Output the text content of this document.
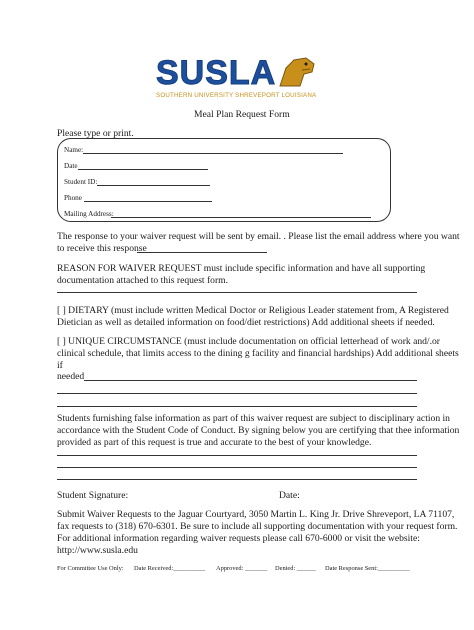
SUSLA
SOUTHERN UNIVERSITY SHREVEPORT LOUISIANA
Meal Plan Request Form
Please type or print.
Name:
Date
Student ID:
Phone
Mailing Address:
The response to your waiver request will be sent by email. . Please list the email address where you want
to receive this response
REASON FOR WAIVER REQUEST must include specific information and have all supporting
documentation attached to this request form.
[ ] DIETARY (must include written Medical Doctor or Religious Leader statement from, A Registered
Dietician as well as detailed information on food/diet restrictions) Add additional sheets if needed.
[ ] UNIQUE CIRCUMSTANCE (must include documentation on official letterhead of work and/.or
clinical schedule, that limits access to the dining g facility and financial hardships) Add additional sheets
if
needed
Students furnishing false information as part of this waiver request are subject to disciplinary action in
accordance with the Student Code of Conduct. By signing below you are certifying that thee information
provided as part of this request is true and accurate to the best of your knowledge.
Student Signature:	Date:
Submit Waiver Requests to the Jaguar Courtyard, 3050 Martin L. King Jr. Drive Shreveport, LA 71107,
fax requests to (318) 670-6301. Be sure to include all supporting documentation with your request form.
For additional information regarding waiver requests please call 670-6000 or visit the website:
http://www.susla.edu
For Committee Use Only: Date Received:__________ Approved: _______ Denied: ______ Date Response Sent:__________
